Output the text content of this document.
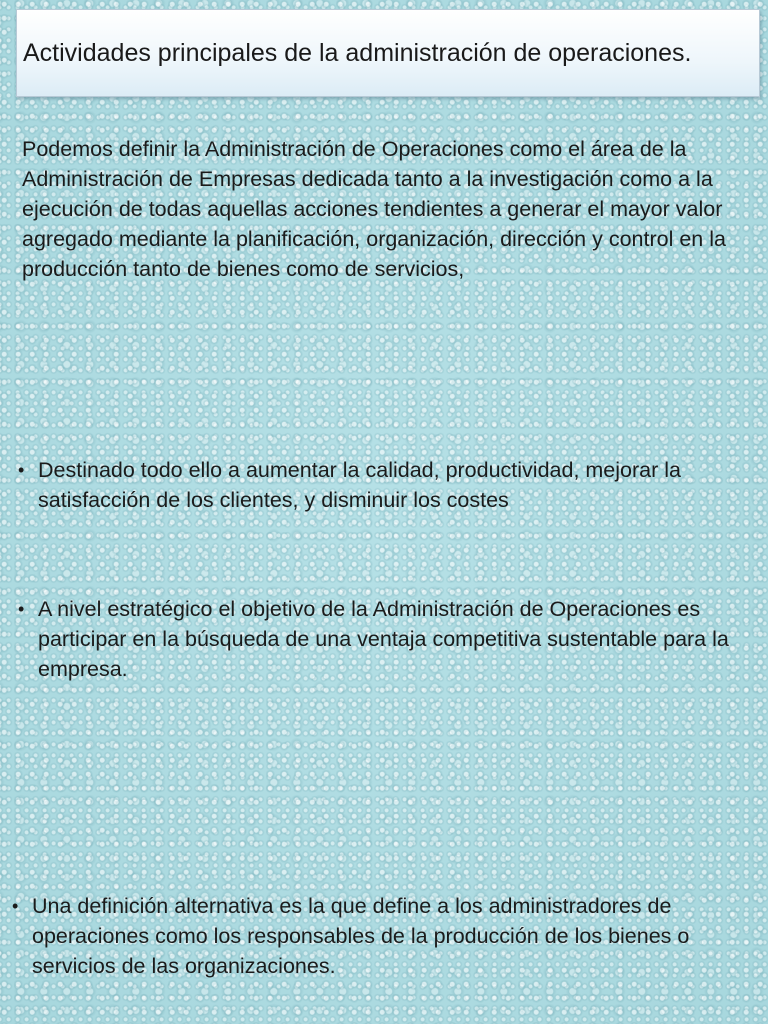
Actividades principales de la administración de operaciones.

Podemos definir la Administración de Operaciones como el área de la Administración de Empresas dedicada tanto a la investigación como a la ejecución de todas aquellas acciones tendientes a generar el mayor valor agregado mediante la planificación, organización, dirección y control en la producción tanto de bienes como de servicios,

• Destinado todo ello a aumentar la calidad, productividad, mejorar la satisfacción de los clientes, y disminuir los costes

• A nivel estratégico el objetivo de la Administración de Operaciones es participar en la búsqueda de una ventaja competitiva sustentable para la empresa.

• Una definición alternativa es la que define a los administradores de operaciones como los responsables de la producción de los bienes o servicios de las organizaciones.
